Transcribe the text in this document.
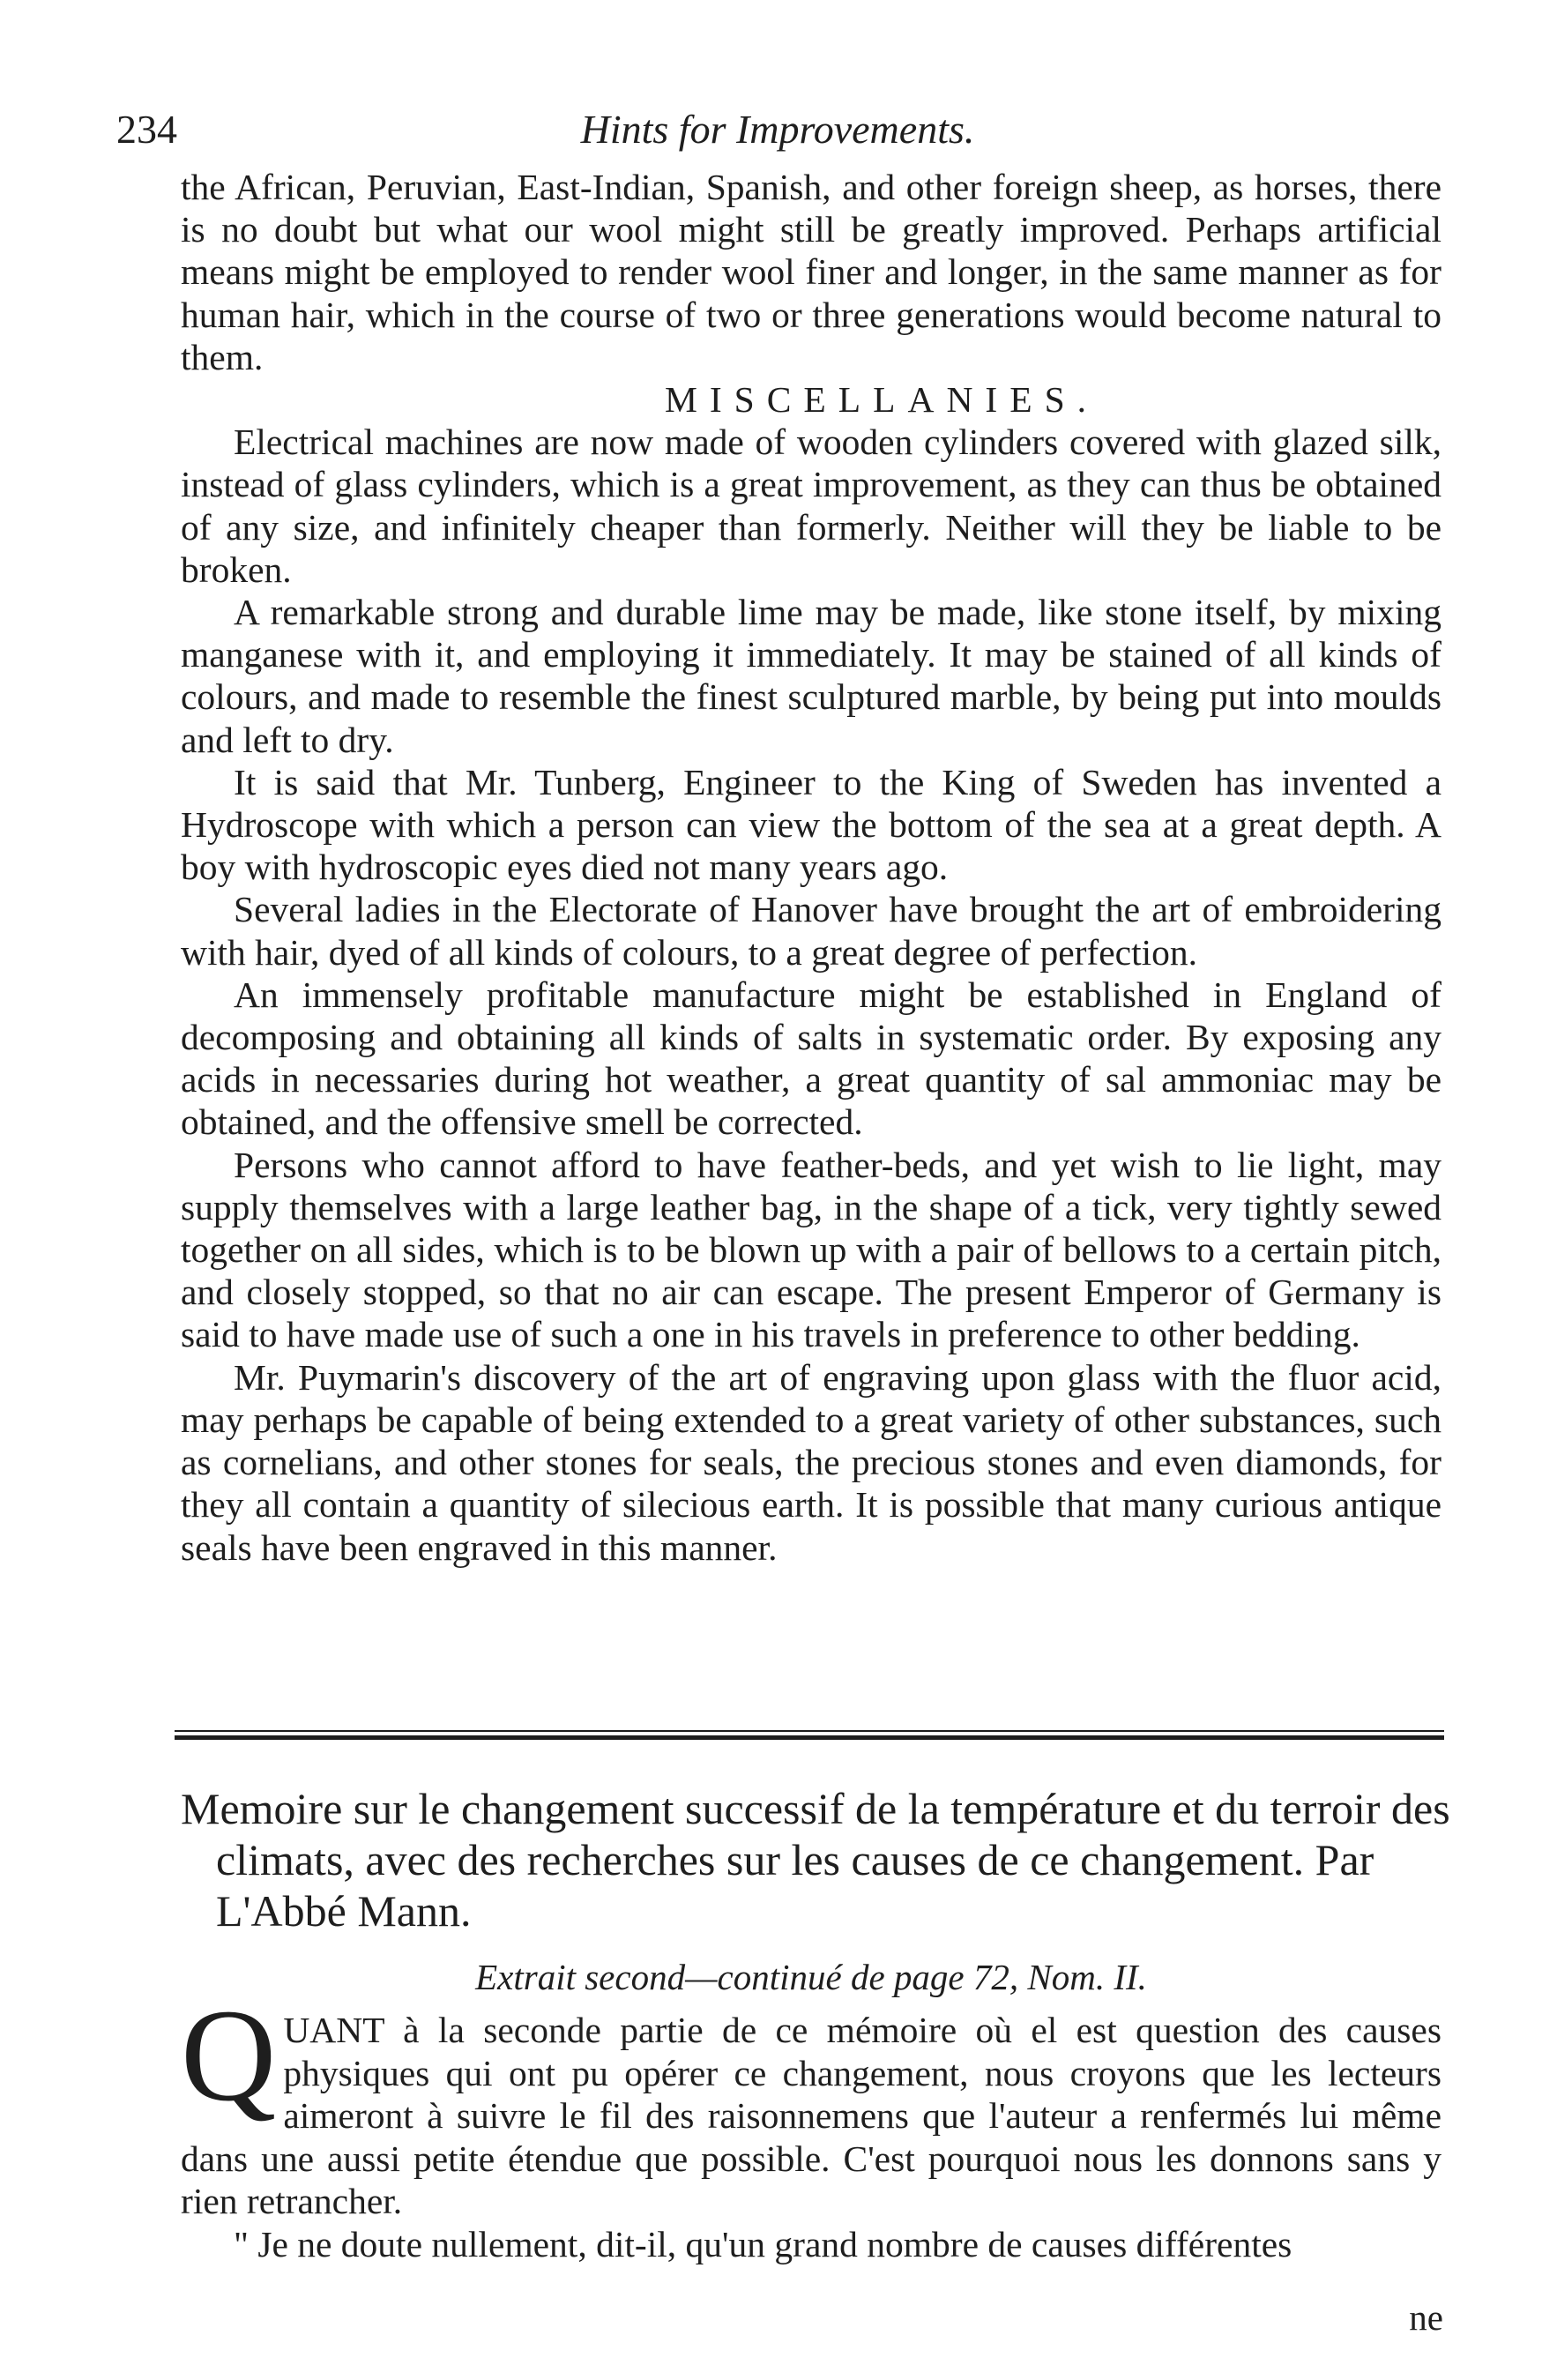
234	Hints for Improvements.

the African, Peruvian, East-Indian, Spanish, and other foreign sheep, as horses, there is no doubt but what our wool might still be greatly improved. Perhaps artificial means might be employed to render wool finer and longer, in the same manner as for human hair, which in the course of two or three generations would become natural to them.

MISCELLANIES.

Electrical machines are now made of wooden cylinders covered with glazed silk, instead of glass cylinders, which is a great improvement, as they can thus be obtained of any size, and infinitely cheaper than formerly. Neither will they be liable to be broken.

A remarkable strong and durable lime may be made, like stone itself, by mixing manganese with it, and employing it immediately. It may be stained of all kinds of colours, and made to resemble the finest sculptured marble, by being put into moulds and left to dry.

It is said that Mr. Tunberg, Engineer to the King of Sweden has invented a Hydroscope with which a person can view the bottom of the sea at a great depth. A boy with hydroscopic eyes died not many years ago.

Several ladies in the Electorate of Hanover have brought the art of embroidering with hair, dyed of all kinds of colours, to a great degree of perfection.

An immensely profitable manufacture might be established in England of decomposing and obtaining all kinds of salts in systematic order. By exposing any acids in necessaries during hot weather, a great quantity of sal ammoniac may be obtained, and the offensive smell be corrected.

Persons who cannot afford to have feather-beds, and yet wish to lie light, may supply themselves with a large leather bag, in the shape of a tick, very tightly sewed together on all sides, which is to be blown up with a pair of bellows to a certain pitch, and closely stopped, so that no air can escape. The present Emperor of Germany is said to have made use of such a one in his travels in preference to other bedding.

Mr. Puymarin's discovery of the art of engraving upon glass with the fluor acid, may perhaps be capable of being extended to a great variety of other substances, such as cornelians, and other stones for seals, the precious stones and even diamonds, for they all contain a quantity of silecious earth. It is possible that many curious antique seals have been engraved in this manner.

Memoire sur le changement successif de la température et du terroir des climats, avec des recherches sur les causes de ce changement. Par L'Abbé Mann.

Extrait second—continué de page 72, Nom. II.

QUANT à la seconde partie de ce mémoire où el est question des causes physiques qui ont pu opérer ce changement, nous croyons que les lecteurs aimeront à suivre le fil des raisonnemens que l'auteur a renfermés lui même dans une aussi petite étendue que possible. C'est pourquoi nous les donnons sans y rien retrancher.

" Je ne doute nullement, dit-il, qu'un grand nombre de causes différentes

ne
